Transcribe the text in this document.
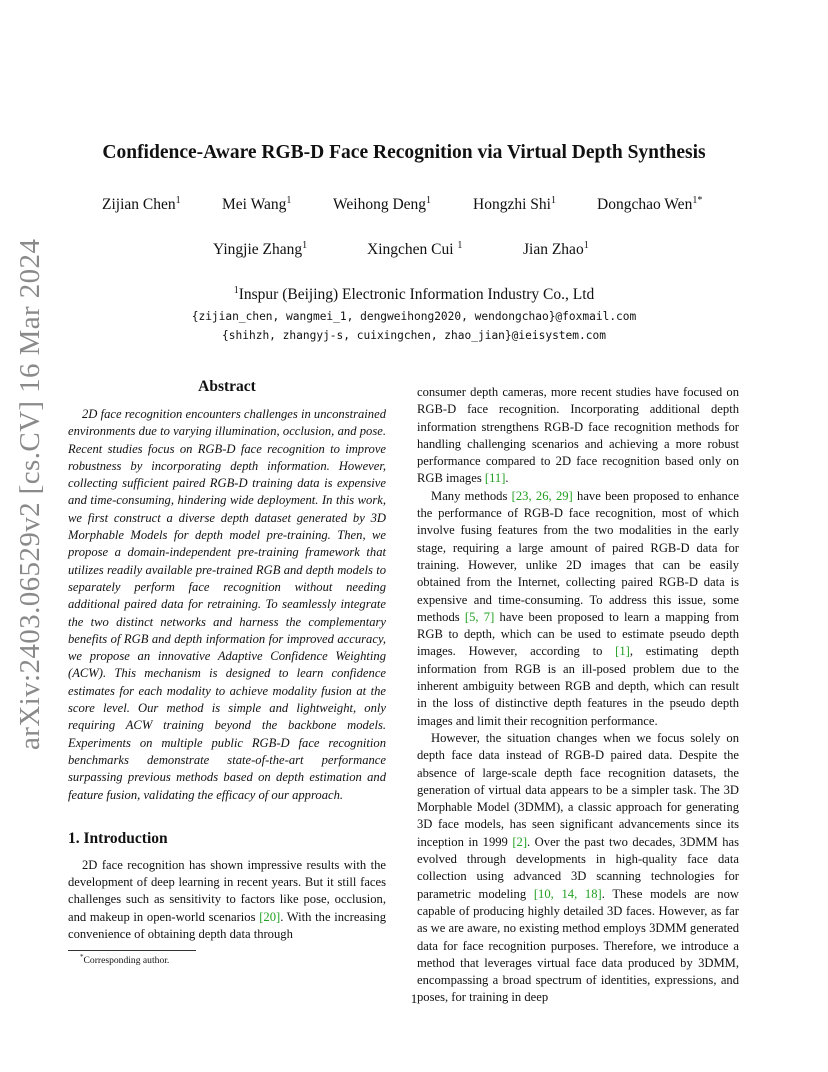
arXiv:2403.06529v2 [cs.CV] 16 Mar 2024
Confidence-Aware RGB-D Face Recognition via Virtual Depth Synthesis
Zijian Chen$^1$	Mei Wang$^1$	Weihong Deng$^1$	Hongzhi Shi$^1$	Dongchao Wen$^{1*}$
Yingjie Zhang$^1$	Xingchen Cui $^1$	Jian Zhao$^1$
$^1$Inspur (Beijing) Electronic Information Industry Co., Ltd
{zijian_chen, wangmei_1, dengweihong2020, wendongchao}@foxmail.com
{shihzh, zhangyj-s, cuixingchen, zhao_jian}@ieisystem.com
Abstract

2D face recognition encounters challenges in unconstrained environments due to varying illumination, occlusion, and pose. Recent studies focus on RGB-D face recognition to improve robustness by incorporating depth information. However, collecting sufficient paired RGB-D training data is expensive and time-consuming, hindering wide deployment. In this work, we first construct a diverse depth dataset generated by 3D Morphable Models for depth model pre-training. Then, we propose a domain-independent pre-training framework that utilizes readily available pre-trained RGB and depth models to separately perform face recognition without needing additional paired data for retraining. To seamlessly integrate the two distinct networks and harness the complementary benefits of RGB and depth information for improved accuracy, we propose an innovative Adaptive Confidence Weighting (ACW). This mechanism is designed to learn confidence estimates for each modality to achieve modality fusion at the score level. Our method is simple and lightweight, only requiring ACW training beyond the backbone models. Experiments on multiple public RGB-D face recognition benchmarks demonstrate state-of-the-art performance surpassing previous methods based on depth estimation and feature fusion, validating the efficacy of our approach.

1. Introduction

2D face recognition has shown impressive results with the development of deep learning in recent years. But it still faces challenges such as sensitivity to factors like pose, occlusion, and makeup in open-world scenarios [20]. With the increasing convenience of obtaining depth data through

consumer depth cameras, more recent studies have focused on RGB-D face recognition. Incorporating additional depth information strengthens RGB-D face recognition methods for handling challenging scenarios and achieving a more robust performance compared to 2D face recognition based only on RGB images [11].

Many methods [23, 26, 29] have been proposed to enhance the performance of RGB-D face recognition, most of which involve fusing features from the two modalities in the early stage, requiring a large amount of paired RGB-D data for training. However, unlike 2D images that can be easily obtained from the Internet, collecting paired RGB-D data is expensive and time-consuming. To address this issue, some methods [5, 7] have been proposed to learn a mapping from RGB to depth, which can be used to estimate pseudo depth images. However, according to [1], estimating depth information from RGB is an ill-posed problem due to the inherent ambiguity between RGB and depth, which can result in the loss of distinctive depth features in the pseudo depth images and limit their recognition performance.

However, the situation changes when we focus solely on depth face data instead of RGB-D paired data. Despite the absence of large-scale depth face recognition datasets, the generation of virtual data appears to be a simpler task. The 3D Morphable Model (3DMM), a classic approach for generating 3D face models, has seen significant advancements since its inception in 1999 [2]. Over the past two decades, 3DMM has evolved through developments in high-quality face data collection using advanced 3D scanning technologies for parametric modeling [10, 14, 18]. These models are now capable of producing highly detailed 3D faces. However, as far as we are aware, no existing method employs 3DMM generated data for face recognition purposes. Therefore, we introduce a method that leverages virtual face data produced by 3DMM, encompassing a broad spectrum of identities, expressions, and poses, for training in deep

*Corresponding author.
1
